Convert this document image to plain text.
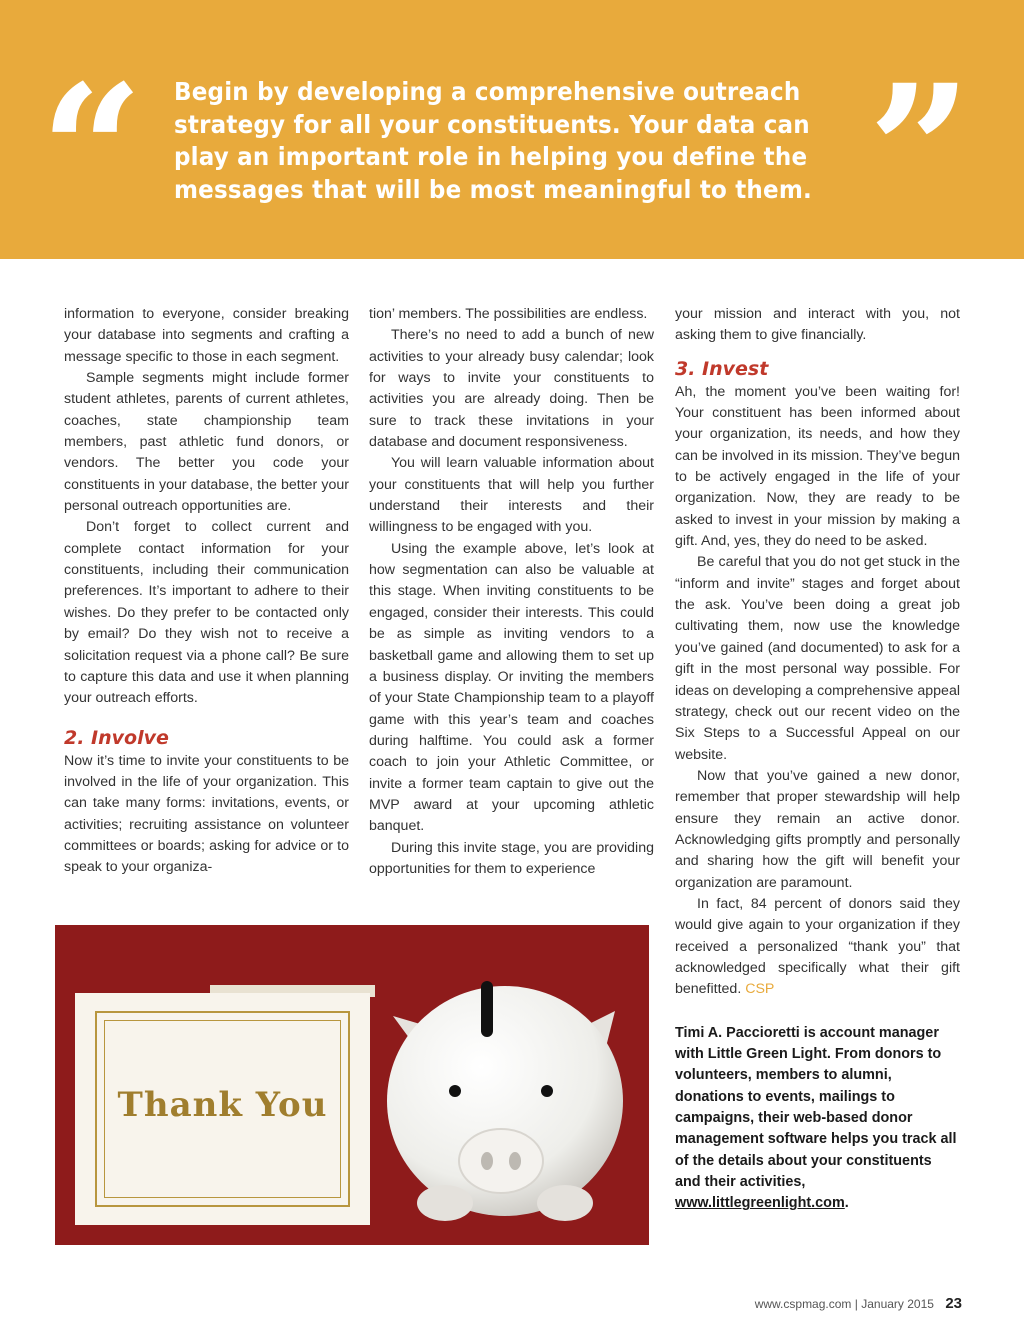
“ Begin by developing a comprehensive outreach strategy for all your constituents. Your data can play an important role in helping you define the messages that will be most meaningful to them. ”

information to everyone, consider breaking your database into segments and crafting a message specific to those in each segment.

Sample segments might include former student athletes, parents of current athletes, coaches, state championship team members, past athletic fund donors, or vendors. The better you code your constituents in your database, the better your personal outreach opportunities are.

Don’t forget to collect current and complete contact information for your constituents, including their communication preferences. It’s important to adhere to their wishes. Do they prefer to be contacted only by email? Do they wish not to receive a solicitation request via a phone call? Be sure to capture this data and use it when planning your outreach efforts.

2. Involve

Now it’s time to invite your constituents to be involved in the life of your organization. This can take many forms: invitations, events, or activities; recruiting assistance on volunteer committees or boards; asking for advice or to speak to your organiza-

tion’ members. The possibilities are endless.

There’s no need to add a bunch of new activities to your already busy calendar; look for ways to invite your constituents to activities you are already doing. Then be sure to track these invitations in your database and document responsiveness.

You will learn valuable information about your constituents that will help you further understand their interests and their willingness to be engaged with you.

Using the example above, let’s look at how segmentation can also be valuable at this stage. When inviting constituents to be engaged, consider their interests. This could be as simple as inviting vendors to a basketball game and allowing them to set up a business display. Or inviting the members of your State Championship team to a playoff game with this year’s team and coaches during halftime. You could ask a former coach to join your Athletic Committee, or invite a former team captain to give out the MVP award at your upcoming athletic banquet.

During this invite stage, you are providing opportunities for them to experience

your mission and interact with you, not asking them to give financially.

3. Invest

Ah, the moment you’ve been waiting for! Your constituent has been informed about your organization, its needs, and how they can be involved in its mission. They’ve begun to be actively engaged in the life of your organization. Now, they are ready to be asked to invest in your mission by making a gift. And, yes, they do need to be asked.

Be careful that you do not get stuck in the “inform and invite” stages and forget about the ask. You’ve been doing a great job cultivating them, now use the knowledge you’ve gained (and documented) to ask for a gift in the most personal way possible. For ideas on developing a comprehensive appeal strategy, check out our recent video on the Six Steps to a Successful Appeal on our website.

Now that you’ve gained a new donor, remember that proper stewardship will help ensure they remain an active donor. Acknowledging gifts promptly and personally and sharing how the gift will benefit your organization are paramount.

In fact, 84 percent of donors said they would give again to your organization if they received a personalized “thank you” that acknowledged specifically what their gift benefitted. CSP

Timi A. Paccioretti is account manager with Little Green Light. From donors to volunteers, members to alumni, donations to events, mailings to campaigns, their web-based donor management software helps you track all of the details about your constituents and their activities, www.littlegreenlight.com.

Thank You
www.cspmag.com | January 2015 23
